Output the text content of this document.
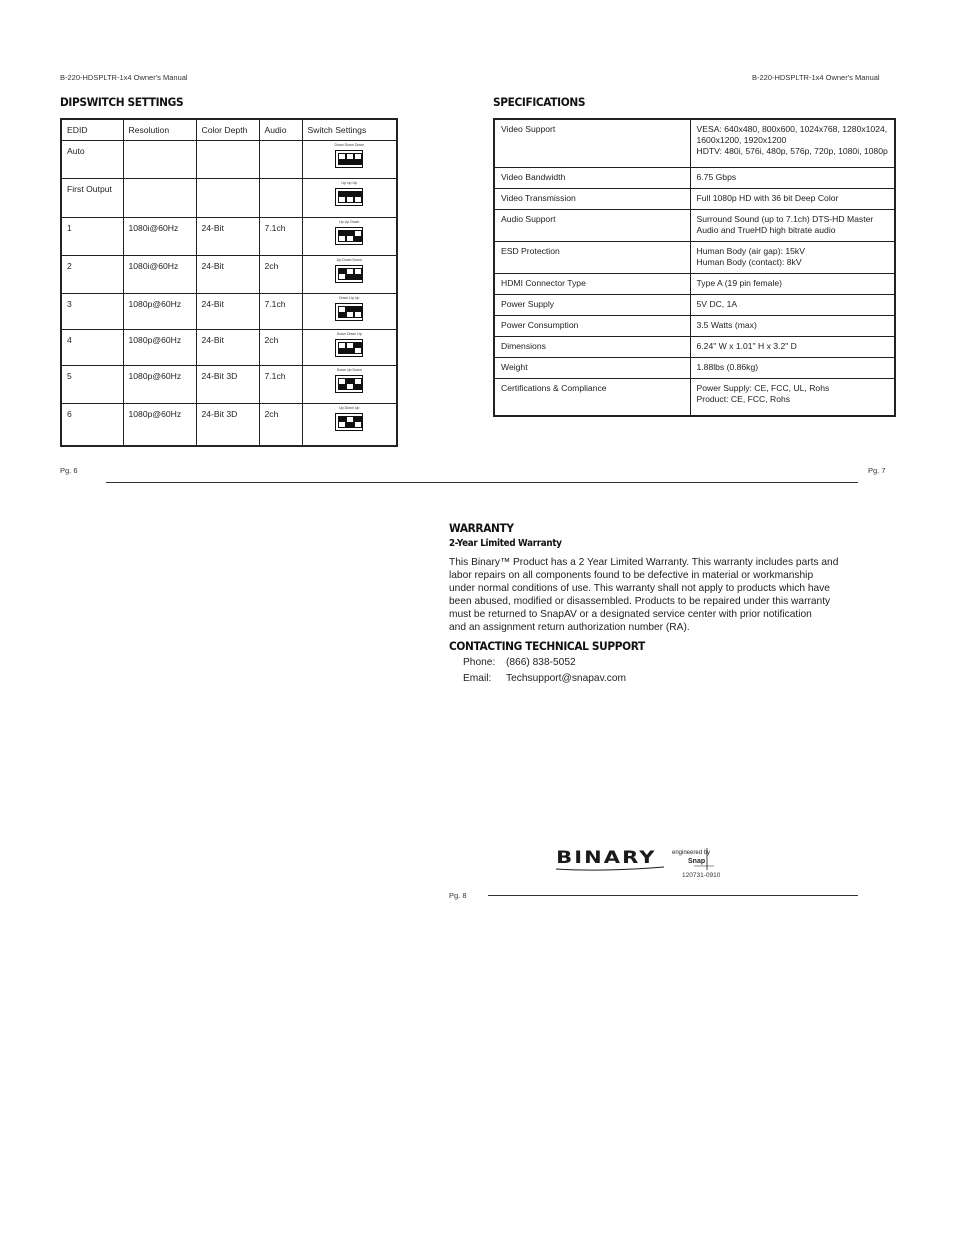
B-220-HDSPLTR-1x4 Owner's Manual	B-220-HDSPLTR-1x4 Owner's Manual
DIPSWITCH SETTINGS
EDID	Resolution	Color Depth	Audio	Switch Settings
Auto				Down Down Down

First Output				Up Up Up

1	1080i@60Hz	24-Bit	7.1ch	Up Up Down

2	1080i@60Hz	24-Bit	2ch	Up Down Down

3	1080p@60Hz	24-Bit	7.1ch	Down Up Up

4	1080p@60Hz	24-Bit	2ch	Down Down Up

5	1080p@60Hz	24-Bit 3D	7.1ch	Down Up Down

6	1080p@60Hz	24-Bit 3D	2ch	Up Down Up
SPECIFICATIONS
Video Support	VESA: 640x480, 800x600, 1024x768, 1280x1024,
1600x1200, 1920x1200
HDTV: 480i, 576i, 480p, 576p, 720p, 1080i, 1080p

Video Bandwidth	6.75 Gbps

Video Transmission	Full 1080p HD with 36 bit Deep Color

Audio Support	Surround Sound (up to 7.1ch) DTS-HD Master
Audio and TrueHD high bitrate audio

ESD Protection	Human Body (air gap): 15kV
Human Body (contact): 8kV

HDMI Connector Type	Type A (19 pin female)

Power Supply	5V DC, 1A

Power Consumption	3.5 Watts (max)

Dimensions	6.24" W x 1.01" H x 3.2" D

Weight	1.88lbs (0.86kg)

Certifications & Compliance	Power Supply: CE, FCC, UL, Rohs
Product: CE, FCC, Rohs
Pg. 6	Pg. 7
WARRANTY
2-Year Limited Warranty
This Binary™ Product has a 2 Year Limited Warranty. This warranty includes parts and
labor repairs on all components found to be defective in material or workmanship
under normal conditions of use. This warranty shall not apply to products which have
been abused, modified or disassembled. Products to be repaired under this warranty
must be returned to SnapAV or a designated service center with prior notification
and an assignment return authorization number (RA).
CONTACTING TECHNICAL SUPPORT
Phone: (866) 838-5052
Email: Techsupport@snapav.com
BINARY	engineered by
Snap
120731-0910
Pg. 8
